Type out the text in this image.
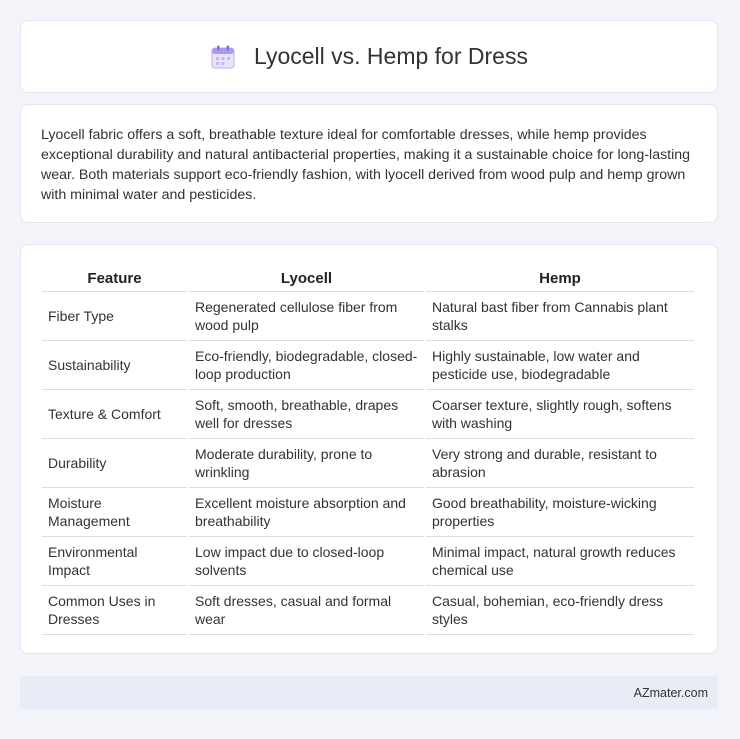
Lyocell vs. Hemp for Dress

Lyocell fabric offers a soft, breathable texture ideal for comfortable dresses, while hemp provides exceptional durability and natural antibacterial properties, making it a sustainable choice for long-lasting wear. Both materials support eco-friendly fashion, with lyocell derived from wood pulp and hemp grown with minimal water and pesticides.

Feature	Lyocell	Hemp
Fiber Type	Regenerated cellulose fiber from wood pulp	Natural bast fiber from Cannabis plant stalks
Sustainability	Eco-friendly, biodegradable, closed-loop production	Highly sustainable, low water and pesticide use, biodegradable
Texture & Comfort	Soft, smooth, breathable, drapes well for dresses	Coarser texture, slightly rough, softens with washing
Durability	Moderate durability, prone to wrinkling	Very strong and durable, resistant to abrasion
Moisture Management	Excellent moisture absorption and breathability	Good breathability, moisture-wicking properties
Environmental Impact	Low impact due to closed-loop solvents	Minimal impact, natural growth reduces chemical use
Common Uses in Dresses	Soft dresses, casual and formal wear	Casual, bohemian, eco-friendly dress styles
AZmater.com
